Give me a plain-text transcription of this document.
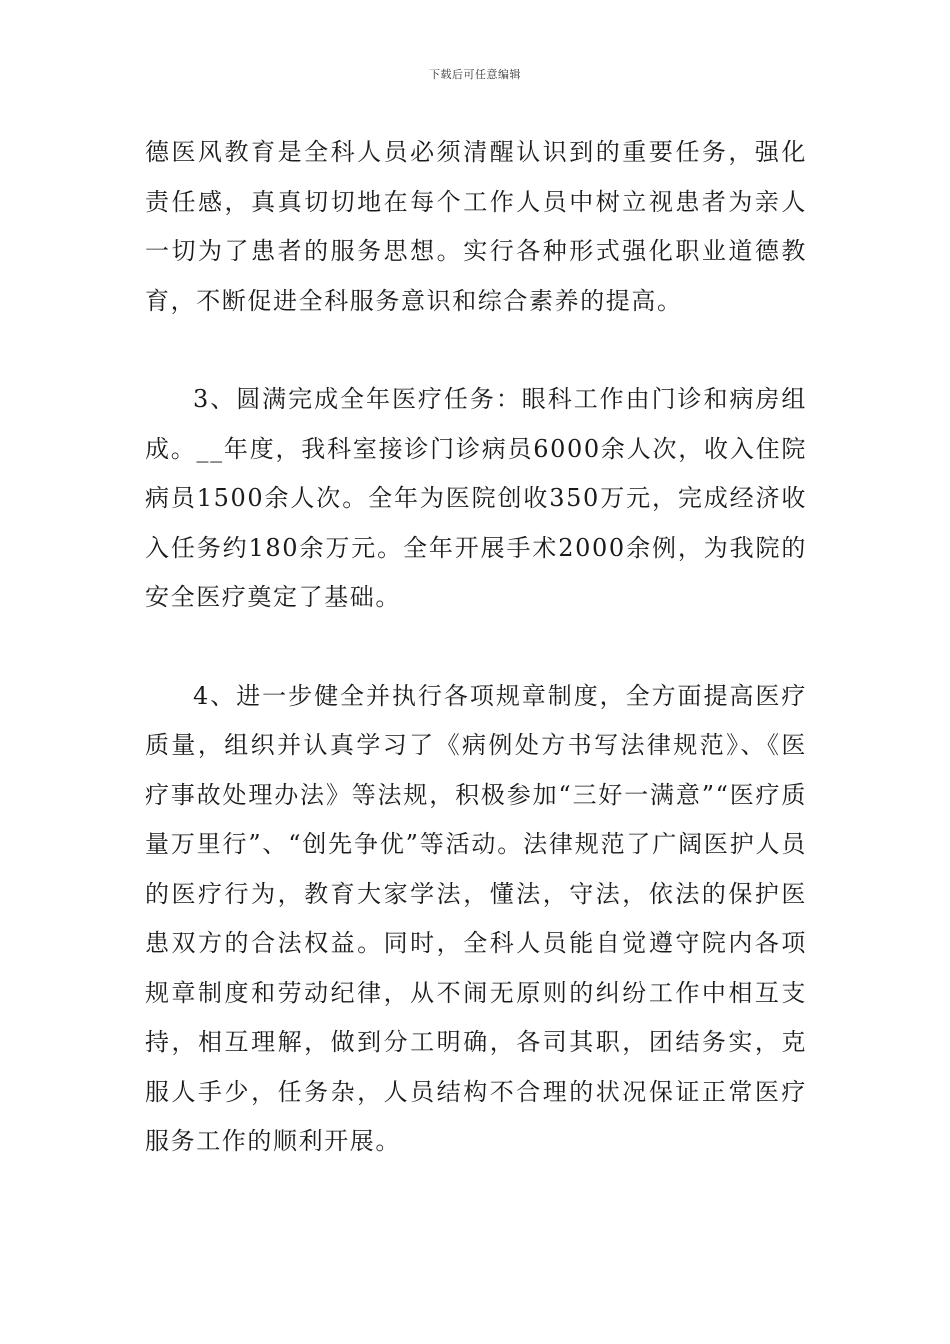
下载后可任意编辑

德医风教育是全科人员必须清醒认识到的重要任务，强化责任感，真真切切地在每个工作人员中树立视患者为亲人一切为了患者的服务思想。实行各种形式强化职业道德教育，不断促进全科服务意识和综合素养的提高。

3、圆满完成全年医疗任务：眼科工作由门诊和病房组成。__年度，我科室接诊门诊病员6000余人次，收入住院病员1500余人次。全年为医院创收350万元，完成经济收入任务约180余万元。全年开展手术2000余例，为我院的安全医疗奠定了基础。

4、进一步健全并执行各项规章制度，全方面提高医疗质量，组织并认真学习了《病例处方书写法律规范》、《医疗事故处理办法》等法规，积极参加“三好一满意”“医疗质量万里行”、“创先争优”等活动。法律规范了广阔医护人员的医疗行为，教育大家学法，懂法，守法，依法的保护医患双方的合法权益。同时，全科人员能自觉遵守院内各项规章制度和劳动纪律，从不闹无原则的纠纷工作中相互支持，相互理解，做到分工明确，各司其职，团结务实，克服人手少，任务杂，人员结构不合理的状况保证正常医疗服务工作的顺利开展。
